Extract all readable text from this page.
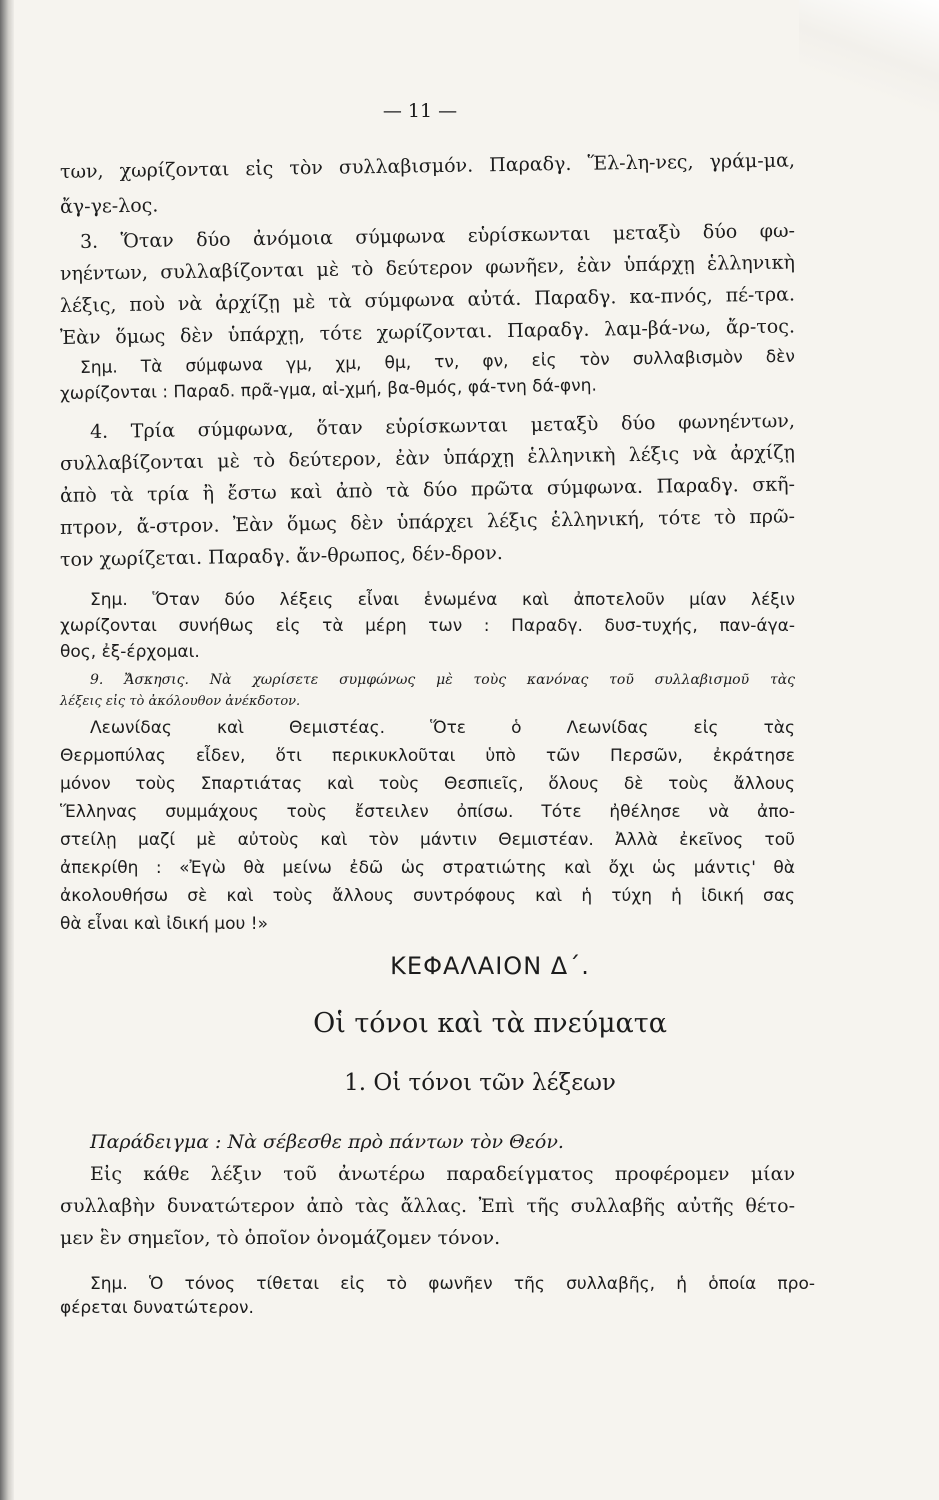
— 11 —
των, χωρίζονται εἰς τὸν συλλαβισμόν. Παραδγ. Ἕλ-λη-νες, γράμ-μα,
ἄγ-γε-λος.
3. Ὅταν δύο ἀνόμοια σύμφωνα εὑρίσκωνται μεταξὺ δύο φω-
νηέντων, συλλαβίζονται μὲ τὸ δεύτερον φωνῆεν, ἐὰν ὑπάρχῃ ἑλληνικὴ
λέξις, ποὺ νὰ ἀρχίζῃ μὲ τὰ σύμφωνα αὐτά. Παραδγ. κα-πνός, πέ-τρα.
Ἐὰν ὅμως δὲν ὑπάρχῃ, τότε χωρίζονται. Παραδγ. λαμ-βά-νω, ἄρ-τος.
Σημ. Τὰ σύμφωνα γμ, χμ, θμ, τν, φν, εἰς τὸν συλλαβισμὸν δὲν
χωρίζονται : Παραδ. πρᾶ-γμα, αἰ-χμή, βα-θμός, φά-τνη δά-φνη.
4. Τρία σύμφωνα, ὅταν εὑρίσκωνται μεταξὺ δύο φωνηέντων,
συλλαβίζονται μὲ τὸ δεύτερον, ἐὰν ὑπάρχῃ ἑλληνικὴ λέξις νὰ ἀρχίζῃ
ἀπὸ τὰ τρία ἢ ἔστω καὶ ἀπὸ τὰ δύο πρῶτα σύμφωνα. Παραδγ. σκῆ-
πτρον, ἄ-στρον. Ἐὰν ὅμως δὲν ὑπάρχει λέξις ἑλληνική, τότε τὸ πρῶ-
τον χωρίζεται. Παραδγ. ἄν-θρωπος, δέν-δρον.
Σημ. Ὅταν δύο λέξεις εἶναι ἑνωμένα καὶ ἀποτελοῦν μίαν λέξιν
χωρίζονται συνήθως εἰς τὰ μέρη των : Παραδγ. δυσ-τυχής, παν-άγα-
θος, ἐξ-έρχομαι.
9. Ἄσκησις. Νὰ χωρίσετε συμφώνως μὲ τοὺς κανόνας τοῦ συλλαβισμοῦ τὰς
λέξεις εἰς τὸ ἀκόλουθον ἀνέκδοτον.
Λεωνίδας καὶ Θεμιστέας. Ὅτε ὁ Λεωνίδας εἰς τὰς
Θερμοπύλας εἶδεν, ὅτι περικυκλοῦται ὑπὸ τῶν Περσῶν, ἐκράτησε
μόνον τοὺς Σπαρτιάτας καὶ τοὺς Θεσπιεῖς, ὅλους δὲ τοὺς ἄλλους
Ἕλληνας συμμάχους τοὺς ἔστειλεν ὀπίσω. Τότε ἠθέλησε νὰ ἀπο-
στείλῃ μαζί μὲ αὐτοὺς καὶ τὸν μάντιν Θεμιστέαν. Ἀλλὰ ἐκεῖνος τοῦ
ἀπεκρίθη : «Ἐγὼ θὰ μείνω ἐδῶ ὡς στρατιώτης καὶ ὄχι ὡς μάντις' θὰ
ἀκολουθήσω σὲ καὶ τοὺς ἄλλους συντρόφους καὶ ἡ τύχη ἡ ἰδική σας
θὰ εἶναι καὶ ἰδική μου !»
ΚΕΦΑΛΑΙΟΝ Δ΄.
Οἱ τόνοι καὶ τὰ πνεύματα
1. Οἱ τόνοι τῶν λέξεων
Παράδειγμα : Νὰ σέβεσθε πρὸ πάντων τὸν Θεόν.
Εἰς κάθε λέξιν τοῦ ἀνωτέρω παραδείγματος προφέρομεν μίαν
συλλαβὴν δυνατώτερον ἀπὸ τὰς ἄλλας. Ἐπὶ τῆς συλλαβῆς αὐτῆς θέτο-
μεν ἓν σημεῖον, τὸ ὁποῖον ὀνομάζομεν τόνον.
Σημ. Ὁ τόνος τίθεται εἰς τὸ φωνῆεν τῆς συλλαβῆς, ἡ ὁποία προ-
φέρεται δυνατώτερον.
